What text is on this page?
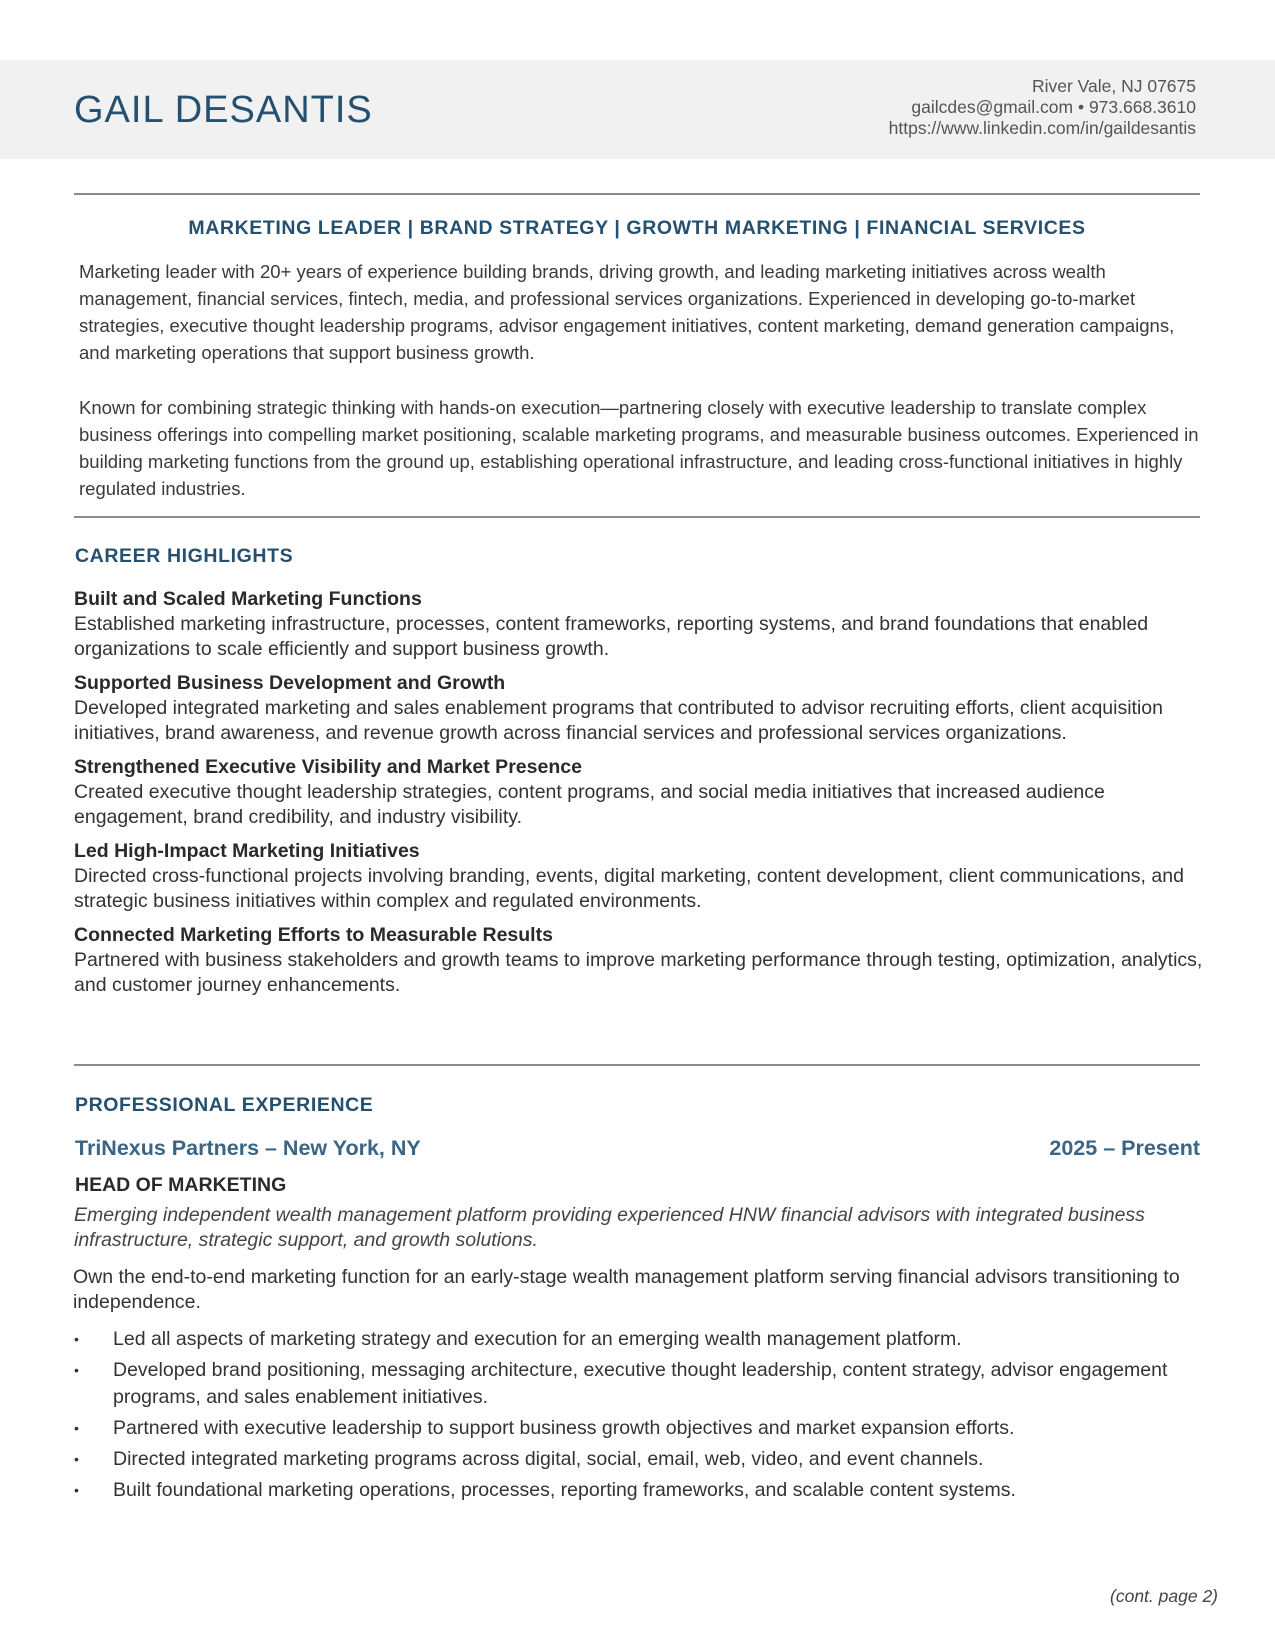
GAIL DESANTIS
River Vale, NJ 07675
gailcdes@gmail.com • 973.668.3610
https://www.linkedin.com/in/gaildesantis
MARKETING LEADER | BRAND STRATEGY | GROWTH MARKETING | FINANCIAL SERVICES

Marketing leader with 20+ years of experience building brands, driving growth, and leading marketing initiatives across wealth management, financial services, fintech, media, and professional services organizations. Experienced in developing go-to-market strategies, executive thought leadership programs, advisor engagement initiatives, content marketing, demand generation campaigns, and marketing operations that support business growth.

Known for combining strategic thinking with hands-on execution—partnering closely with executive leadership to translate complex business offerings into compelling market positioning, scalable marketing programs, and measurable business outcomes. Experienced in building marketing functions from the ground up, establishing operational infrastructure, and leading cross-functional initiatives in highly regulated industries.

CAREER HIGHLIGHTS
Built and Scaled Marketing Functions
Established marketing infrastructure, processes, content frameworks, reporting systems, and brand foundations that enabled organizations to scale efficiently and support business growth.
Supported Business Development and Growth
Developed integrated marketing and sales enablement programs that contributed to advisor recruiting efforts, client acquisition initiatives, brand awareness, and revenue growth across financial services and professional services organizations.
Strengthened Executive Visibility and Market Presence
Created executive thought leadership strategies, content programs, and social media initiatives that increased audience engagement, brand credibility, and industry visibility.
Led High-Impact Marketing Initiatives
Directed cross-functional projects involving branding, events, digital marketing, content development, client communications, and strategic business initiatives within complex and regulated environments.
Connected Marketing Efforts to Measurable Results
Partnered with business stakeholders and growth teams to improve marketing performance through testing, optimization, analytics, and customer journey enhancements.
PROFESSIONAL EXPERIENCE
TriNexus Partners – New York, NY	2025 – Present
HEAD OF MARKETING
Emerging independent wealth management platform providing experienced HNW financial advisors with integrated business infrastructure, strategic support, and growth solutions.
Own the end-to-end marketing function for an early-stage wealth management platform serving financial advisors transitioning to independence.
• Led all aspects of marketing strategy and execution for an emerging wealth management platform.
• Developed brand positioning, messaging architecture, executive thought leadership, content strategy, advisor engagement programs, and sales enablement initiatives.
• Partnered with executive leadership to support business growth objectives and market expansion efforts.
• Directed integrated marketing programs across digital, social, email, web, video, and event channels.
• Built foundational marketing operations, processes, reporting frameworks, and scalable content systems.
(cont. page 2)
